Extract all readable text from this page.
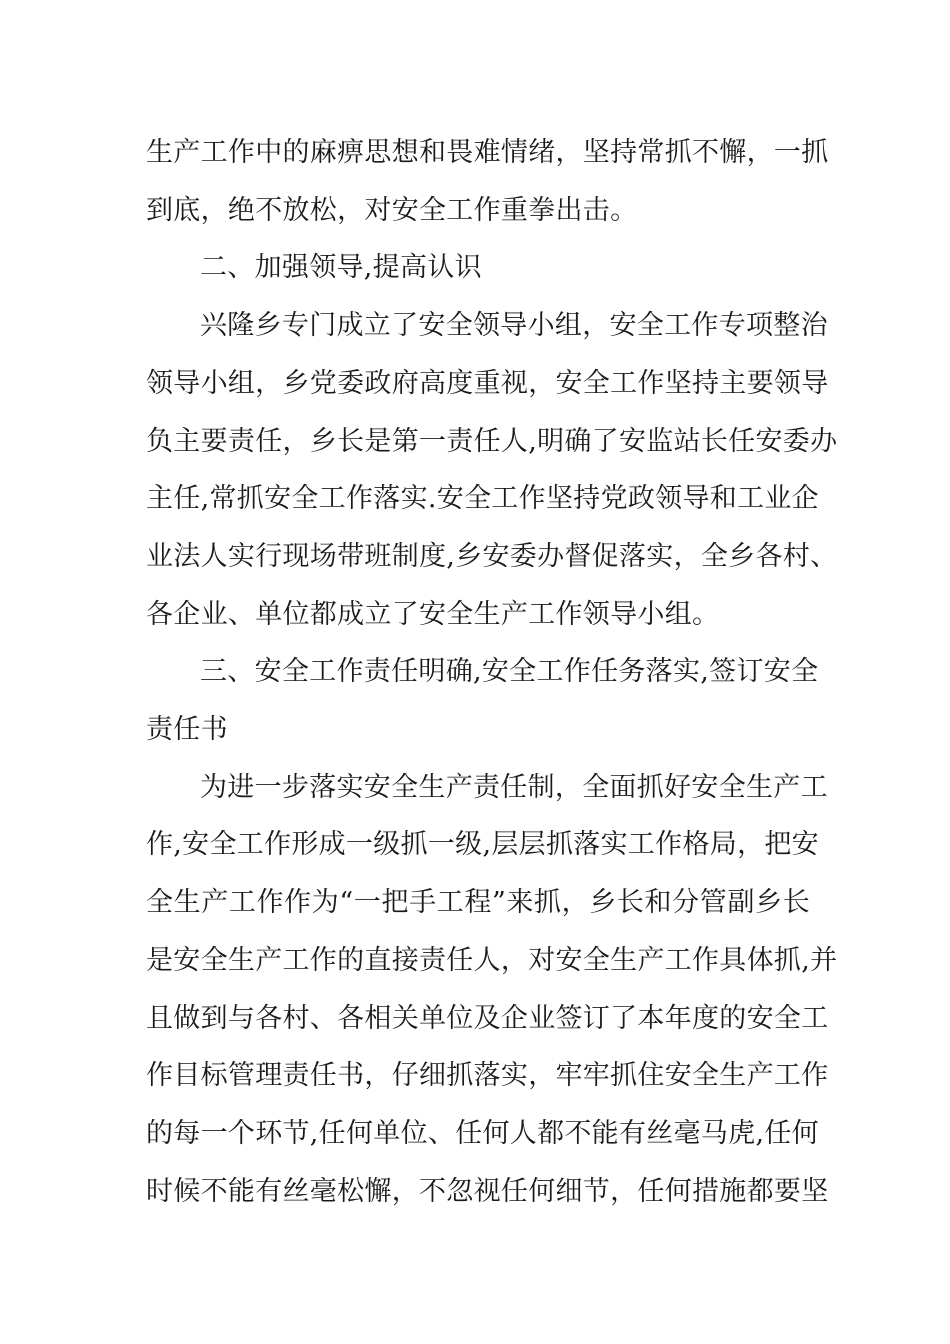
生产工作中的麻痹思想和畏难情绪，坚持常抓不懈，一抓
到底，绝不放松，对安全工作重拳出击。
二、加强领导,提高认识
兴隆乡专门成立了安全领导小组，安全工作专项整治
领导小组，乡党委政府高度重视，安全工作坚持主要领导
负主要责任，乡长是第一责任人,明确了安监站长任安委办
主任,常抓安全工作落实.安全工作坚持党政领导和工业企
业法人实行现场带班制度,乡安委办督促落实，全乡各村、
各企业、单位都成立了安全生产工作领导小组。
三、安全工作责任明确,安全工作任务落实,签订安全
责任书
为进一步落实安全生产责任制，全面抓好安全生产工
作,安全工作形成一级抓一级,层层抓落实工作格局，把安
全生产工作作为“一把手工程”来抓，乡长和分管副乡长
是安全生产工作的直接责任人，对安全生产工作具体抓,并
且做到与各村、各相关单位及企业签订了本年度的安全工
作目标管理责任书，仔细抓落实，牢牢抓住安全生产工作
的每一个环节,任何单位、任何人都不能有丝毫马虎,任何
时候不能有丝毫松懈，不忽视任何细节，任何措施都要坚
